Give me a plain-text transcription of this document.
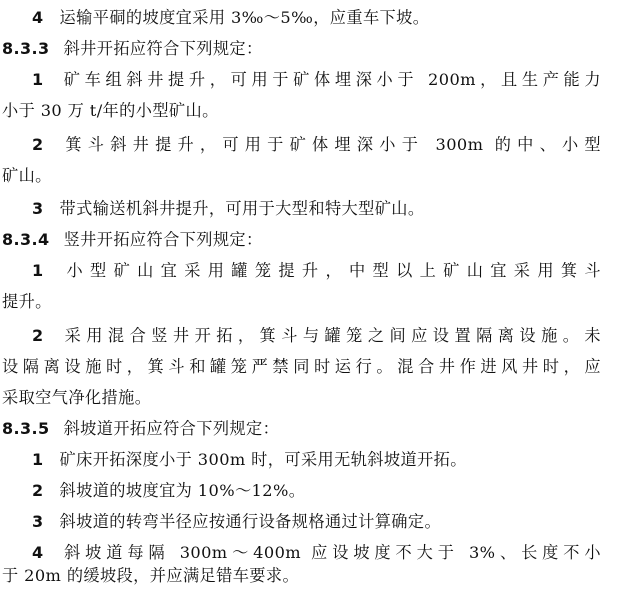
4 运输平硐的坡度宜采用 3‰～5‰，应重车下坡。
8.3.3 斜井开拓应符合下列规定：
1 矿车组斜井提升，可用于矿体埋深小于 200m，且生产能力
小于 30 万 t/年的小型矿山。
2 箕斗斜井提升，可用于矿体埋深小于 300m 的中、小型
矿山。
3 带式输送机斜井提升，可用于大型和特大型矿山。
8.3.4 竖井开拓应符合下列规定：
1 小型矿山宜采用罐笼提升，中型以上矿山宜采用箕斗
提升。
2 采用混合竖井开拓，箕斗与罐笼之间应设置隔离设施。未
设隔离设施时，箕斗和罐笼严禁同时运行。混合井作进风井时，应
采取空气净化措施。
8.3.5 斜坡道开拓应符合下列规定：
1 矿床开拓深度小于 300m 时，可采用无轨斜坡道开拓。
2 斜坡道的坡度宜为 10%～12%。
3 斜坡道的转弯半径应按通行设备规格通过计算确定。
4 斜坡道每隔 300m～400m 应设坡度不大于 3%、长度不小
于 20m 的缓坡段，并应满足错车要求。
